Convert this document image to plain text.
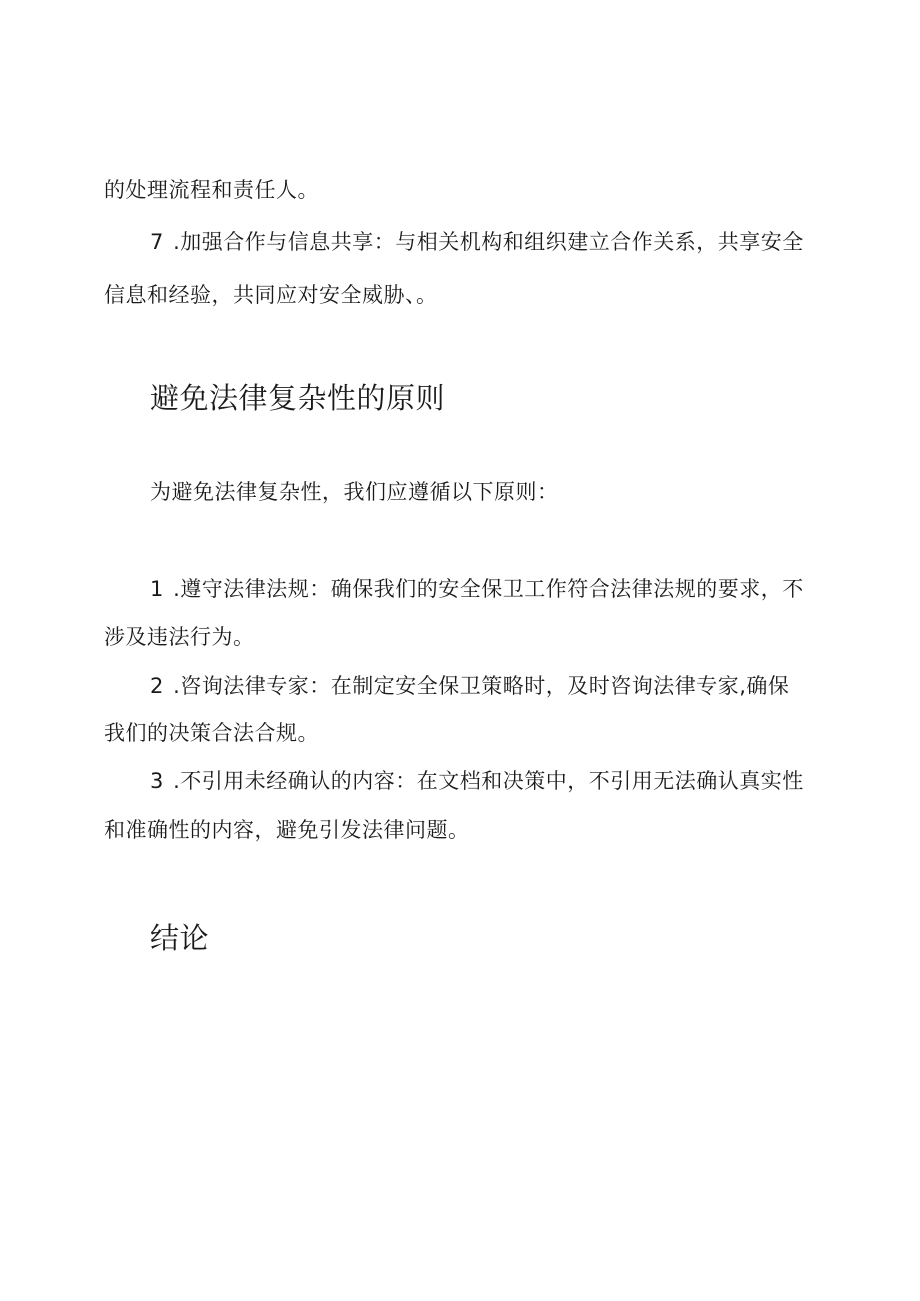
的处理流程和责任人。
7 .加强合作与信息共享：与相关机构和组织建立合作关系，共享安全
信息和经验，共同应对安全威胁、。
避免法律复杂性的原则
为避免法律复杂性，我们应遵循以下原则：
1 .遵守法律法规：确保我们的安全保卫工作符合法律法规的要求，不
涉及违法行为。
2 .咨询法律专家：在制定安全保卫策略时，及时咨询法律专家,确保
我们的决策合法合规。
3 .不引用未经确认的内容：在文档和决策中，不引用无法确认真实性
和准确性的内容，避免引发法律问题。
结论
